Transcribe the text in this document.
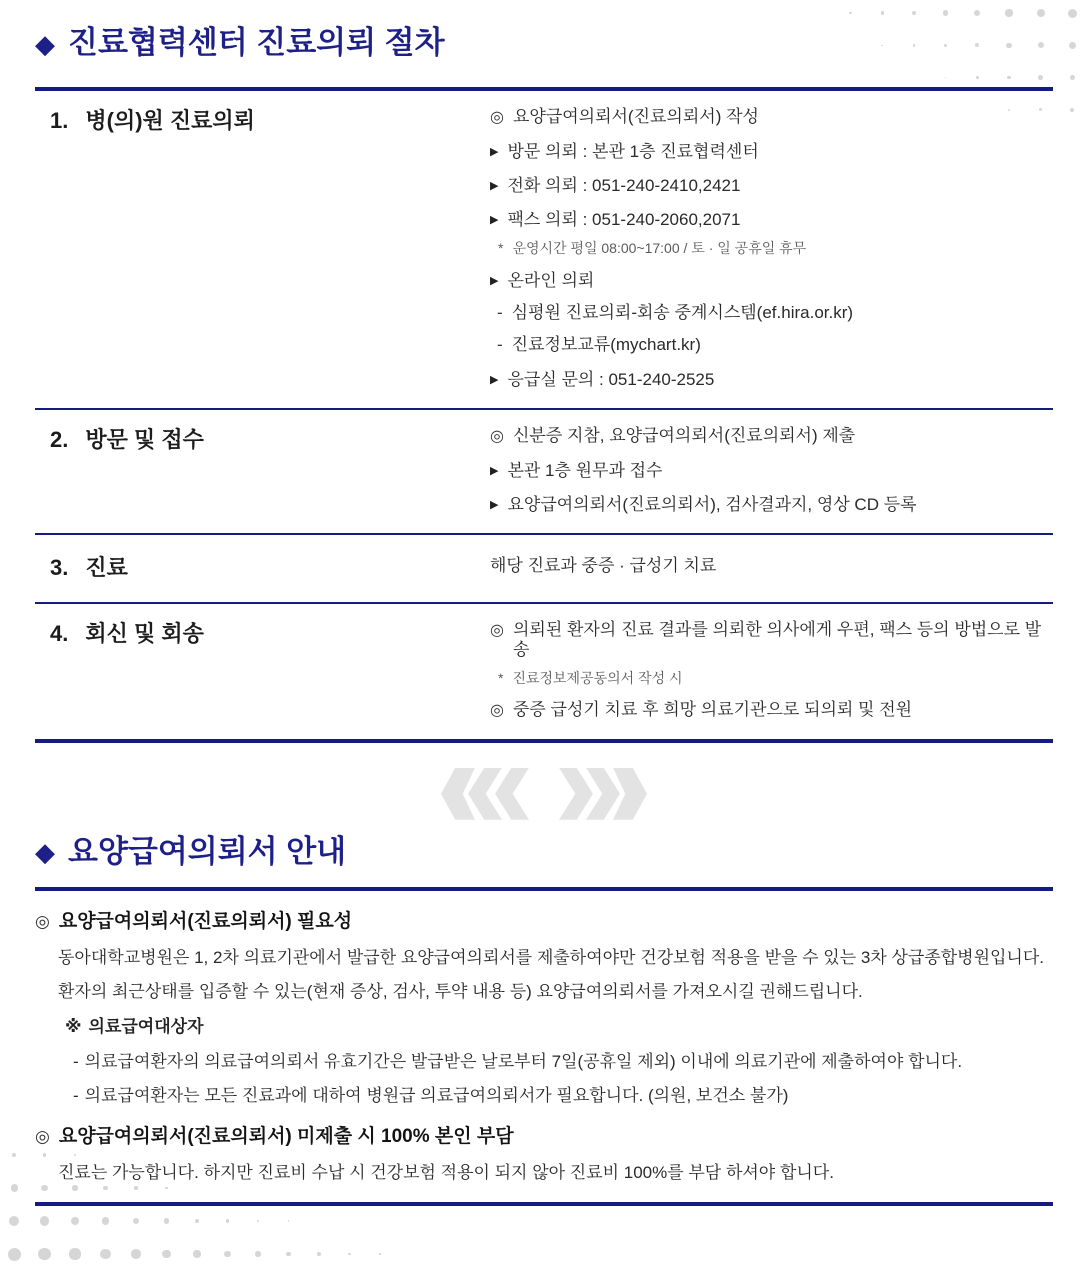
◆ 진료협력센터 진료의뢰 절차
1. 병(의)원 진료의뢰	◎ 요양급여의뢰서(진료의뢰서) 작성
▶ 방문 의뢰 : 본관 1층 진료협력센터
▶ 전화 의뢰 : 051-240-2410,2421
▶ 팩스 의뢰 : 051-240-2060,2071
* 운영시간 평일 08:00~17:00 / 토 · 일 공휴일 휴무
▶ 온라인 의뢰
- 심평원 진료의뢰-회송 중계시스템(ef.hira.or.kr)
- 진료정보교류(mychart.kr)
▶ 응급실 문의 : 051-240-2525
2. 방문 및 접수	◎ 신분증 지참, 요양급여의뢰서(진료의뢰서) 제출
▶ 본관 1층 원무과 접수
▶ 요양급여의뢰서(진료의뢰서), 검사결과지, 영상 CD 등록
3. 진료	해당 진료과 중증 · 급성기 치료
4. 회신 및 회송	◎ 의뢰된 환자의 진료 결과를 의뢰한 의사에게 우편, 팩스 등의 방법으로 발송
* 진료정보제공동의서 작성 시
◎ 중증 급성기 치료 후 희망 의료기관으로 되의뢰 및 전원
◆ 요양급여의뢰서 안내
◎ 요양급여의뢰서(진료의뢰서) 필요성
동아대학교병원은 1, 2차 의료기관에서 발급한 요양급여의뢰서를 제출하여야만 건강보험 적용을 받을 수 있는 3차 상급종합병원입니다.
환자의 최근상태를 입증할 수 있는(현재 증상, 검사, 투약 내용 등) 요양급여의뢰서를 가져오시길 권해드립니다.
※ 의료급여대상자
- 의료급여환자의 의료급여의뢰서 유효기간은 발급받은 날로부터 7일(공휴일 제외) 이내에 의료기관에 제출하여야 합니다.
- 의료급여환자는 모든 진료과에 대하여 병원급 의료급여의뢰서가 필요합니다. (의원, 보건소 불가)
◎ 요양급여의뢰서(진료의뢰서) 미제출 시 100% 본인 부담
진료는 가능합니다. 하지만 진료비 수납 시 건강보험 적용이 되지 않아 진료비 100%를 부담 하셔야 합니다.
